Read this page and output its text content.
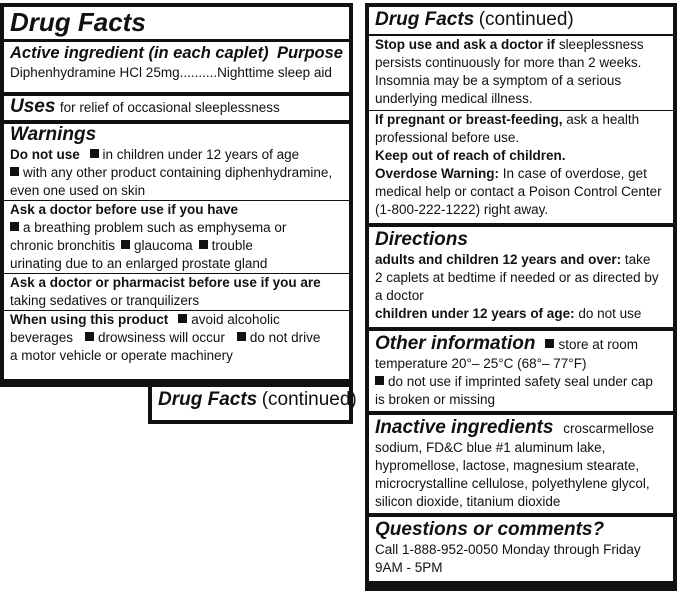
Drug Facts
Active ingredient (in each caplet) Purpose
Diphenhydramine HCl 25mg..........Nighttime sleep aid
Uses for relief of occasional sleeplessness
Warnings
Do not use in children under 12 years of age
with any other product containing diphenhydramine,
even one used on skin
Ask a doctor before use if you have
a breathing problem such as emphysema or
chronic bronchitis glaucoma trouble
urinating due to an enlarged prostate gland
Ask a doctor or pharmacist before use if you are
taking sedatives or tranquilizers
When using this product avoid alcoholic
beverages drowsiness will occur do not drive
a motor vehicle or operate machinery
Drug Facts (continued)
Drug Facts (continued)
Stop use and ask a doctor if sleeplessness
persists continuously for more than 2 weeks.
Insomnia may be a symptom of a serious
underlying medical illness.
If pregnant or breast-feeding, ask a health
professional before use.
Keep out of reach of children.
Overdose Warning: In case of overdose, get
medical help or contact a Poison Control Center
(1-800-222-1222) right away.
Directions
adults and children 12 years and over: take
2 caplets at bedtime if needed or as directed by
a doctor
children under 12 years of age: do not use
Other information store at room
temperature 20°– 25°C (68°– 77°F)
do not use if imprinted safety seal under cap
is broken or missing
Inactive ingredients croscarmellose
sodium, FD&C blue #1 aluminum lake,
hypromellose, lactose, magnesium stearate,
microcrystalline cellulose, polyethylene glycol,
silicon dioxide, titanium dioxide
Questions or comments?
Call 1-888-952-0050 Monday through Friday
9AM - 5PM
